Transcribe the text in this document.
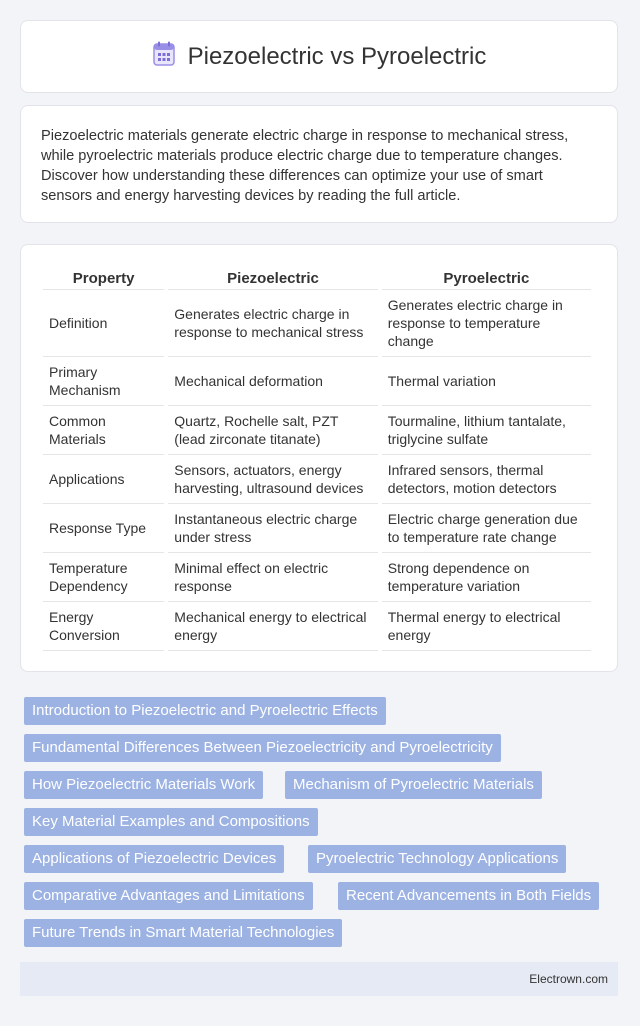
Piezoelectric vs Pyroelectric

Piezoelectric materials generate electric charge in response to mechanical stress, while pyroelectric materials produce electric charge due to temperature changes. Discover how understanding these differences can optimize your use of smart sensors and energy harvesting devices by reading the full article.

Property	Piezoelectric	Pyroelectric
Definition	Generates electric charge in response to mechanical stress	Generates electric charge in response to temperature change
Primary Mechanism	Mechanical deformation	Thermal variation
Common Materials	Quartz, Rochelle salt, PZT (lead zirconate titanate)	Tourmaline, lithium tantalate, triglycine sulfate
Applications	Sensors, actuators, energy harvesting, ultrasound devices	Infrared sensors, thermal detectors, motion detectors
Response Type	Instantaneous electric charge under stress	Electric charge generation due to temperature rate change
Temperature Dependency	Minimal effect on electric response	Strong dependence on temperature variation
Energy Conversion	Mechanical energy to electrical energy	Thermal energy to electrical energy
Introduction to Piezoelectric and Pyroelectric Effects
Fundamental Differences Between Piezoelectricity and Pyroelectricity
How Piezoelectric Materials Work	Mechanism of Pyroelectric Materials
Key Material Examples and Compositions
Applications of Piezoelectric Devices	Pyroelectric Technology Applications
Comparative Advantages and Limitations	Recent Advancements in Both Fields
Future Trends in Smart Material Technologies
Electrown.com
